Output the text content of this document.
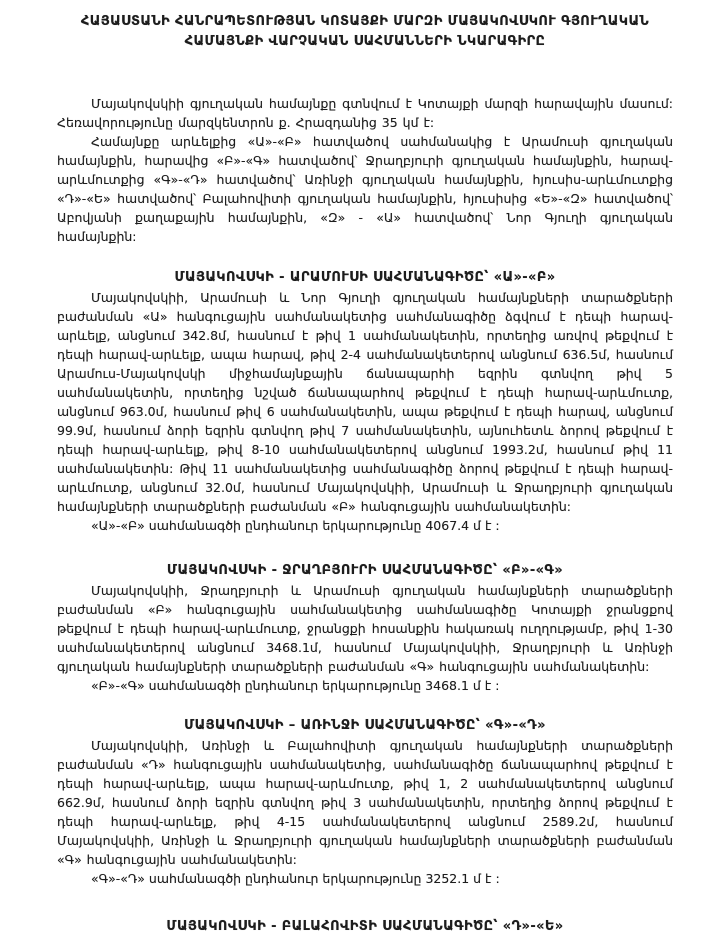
ՀԱՅԱՍՏԱՆԻ ՀԱՆՐԱՊԵՏՈՒԹՅԱՆ ԿՈՏԱՅՔԻ ՄԱՐԶԻ ՄԱՅԱԿՈՎՍԿՈՒ ԳՅՈՒՂԱԿԱՆ ՀԱՄԱՅՆՔԻ ՎԱՐՉԱԿԱՆ ՍԱՀՄԱՆՆԵՐԻ ՆԿԱՐԱԳԻՐԸ

Մայակովսկիի գյուղական համայնքը գտնվում է Կոտայքի մարզի հարավային մասում: Հեռավորությունը մարզկենտրոն ք. Հրազդանից 35 կմ է:

Համայնքը արևելքից «Ա»-«Բ» հատվածով սահմանակից է Արամուսի գյուղական համայնքին, հարավից «Բ»-«Գ» հատվածով՝ Ջրաղբյուրի գյուղական համայնքին, հարավ-արևմուտքից «Գ»-«Դ» հատվածով՝ Առինջի գյուղական համայնքին, հյուսիս-արևմուտքից «Դ»-«Ե» հատվածով՝ Բալահովիտի գյուղական համայնքին, հյուսիսից «Ե»-«Զ» հատվածով՝ Աբովյանի քաղաքային համայնքին, «Զ» - «Ա» հատվածով՝ Նոր Գյուղի գյուղական համայնքին:

ՄԱՅԱԿՈՎՍԿԻ - ԱՐԱՄՈՒՍԻ ՍԱՀՄԱՆԱԳԻԾԸ՝ «Ա»-«Բ»

Մայակովսկիի, Արամուսի և Նոր Գյուղի գյուղական համայնքների տարածքների բաժանման «Ա» հանգուցային սահմանակետից սահմանագիծը ձգվում է դեպի հարավ-արևելք, անցնում 342.8մ, հասնում է թիվ 1 սահմանակետին, որտեղից առվով թեքվում է դեպի հարավ-արևելք, ապա հարավ, թիվ 2-4 սահմանակետերով անցնում 636.5մ, հասնում Արամուս-Մայակովսկի միջհամայնքային ճանապարհի եզրին գտնվող թիվ 5 սահմանակետին, որտեղից նշված ճանապարհով թեքվում է դեպի հարավ-արևմուտք, անցնում 963.0մ, հասնում թիվ 6 սահմանակետին, ապա թեքվում է դեպի հարավ, անցնում 99.9մ, հասնում ձորի եզրին գտնվող թիվ 7 սահմանակետին, այնուհետև ձորով թեքվում է դեպի հարավ-արևելք, թիվ 8-10 սահմանակետերով անցնում 1993.2մ, հասնում թիվ 11 սահմանակետին: Թիվ 11 սահմանակետից սահմանագիծը ձորով թեքվում է դեպի հարավ-արևմուտք, անցնում 32.0մ, հասնում Մայակովսկիի, Արամուսի և Ջրաղբյուրի գյուղական համայնքների տարածքների բաժանման «Բ» հանգուցային սահմանակետին:

«Ա»-«Բ» սահմանագծի ընդհանուր երկարությունը 4067.4 մ է :

ՄԱՅԱԿՈՎՍԿԻ - ՋՐԱՂԲՅՈՒՐԻ ՍԱՀՄԱՆԱԳԻԾԸ՝ «Բ»-«Գ»

Մայակովսկիի, Ջրաղբյուրի և Արամուսի գյուղական համայնքների տարածքների բաժանման «Բ» հանգուցային սահմանակետից սահմանագիծը Կոտայքի ջրանցքով թեքվում է դեպի հարավ-արևմուտք, ջրանցքի հոսանքին հակառակ ուղղությամբ, թիվ 1-30 սահմանակետերով անցնում 3468.1մ, հասնում Մայակովսկիի, Ջրաղբյուրի և Առինջի գյուղական համայնքների տարածքների բաժանման «Գ» հանգուցային սահմանակետին:

«Բ»-«Գ» սահմանագծի ընդհանուր երկարությունը 3468.1 մ է :

ՄԱՅԱԿՈՎՍԿԻ – ԱՌԻՆՋԻ ՍԱՀՄԱՆԱԳԻԾԸ՝ «Գ»-«Դ»

Մայակովսկիի, Առինջի և Բալահովիտի գյուղական համայնքների տարածքների բաժանման «Դ» հանգուցային սահմանակետից, սահմանագիծը ճանապարհով թեքվում է դեպի հարավ-արևելք, ապա հարավ-արևմուտք, թիվ 1, 2 սահմանակետերով անցնում 662.9մ, հասնում ձորի եզրին գտնվող թիվ 3 սահմանակետին, որտեղից ձորով թեքվում է դեպի հարավ-արևելք, թիվ 4-15 սահմանակետերով անցնում 2589.2մ, հասնում Մայակովսկիի, Առինջի և Ջրաղբյուրի գյուղական համայնքների տարածքների բաժանման «Գ» հանգուցային սահմանակետին:

«Գ»-«Դ» սահմանագծի ընդհանուր երկարությունը 3252.1 մ է :

ՄԱՅԱԿՈՎՍԿԻ - ԲԱԼԱՀՈՎԻՏԻ ՍԱՀՄԱՆԱԳԻԾԸ՝ «Դ»-«Ե»
